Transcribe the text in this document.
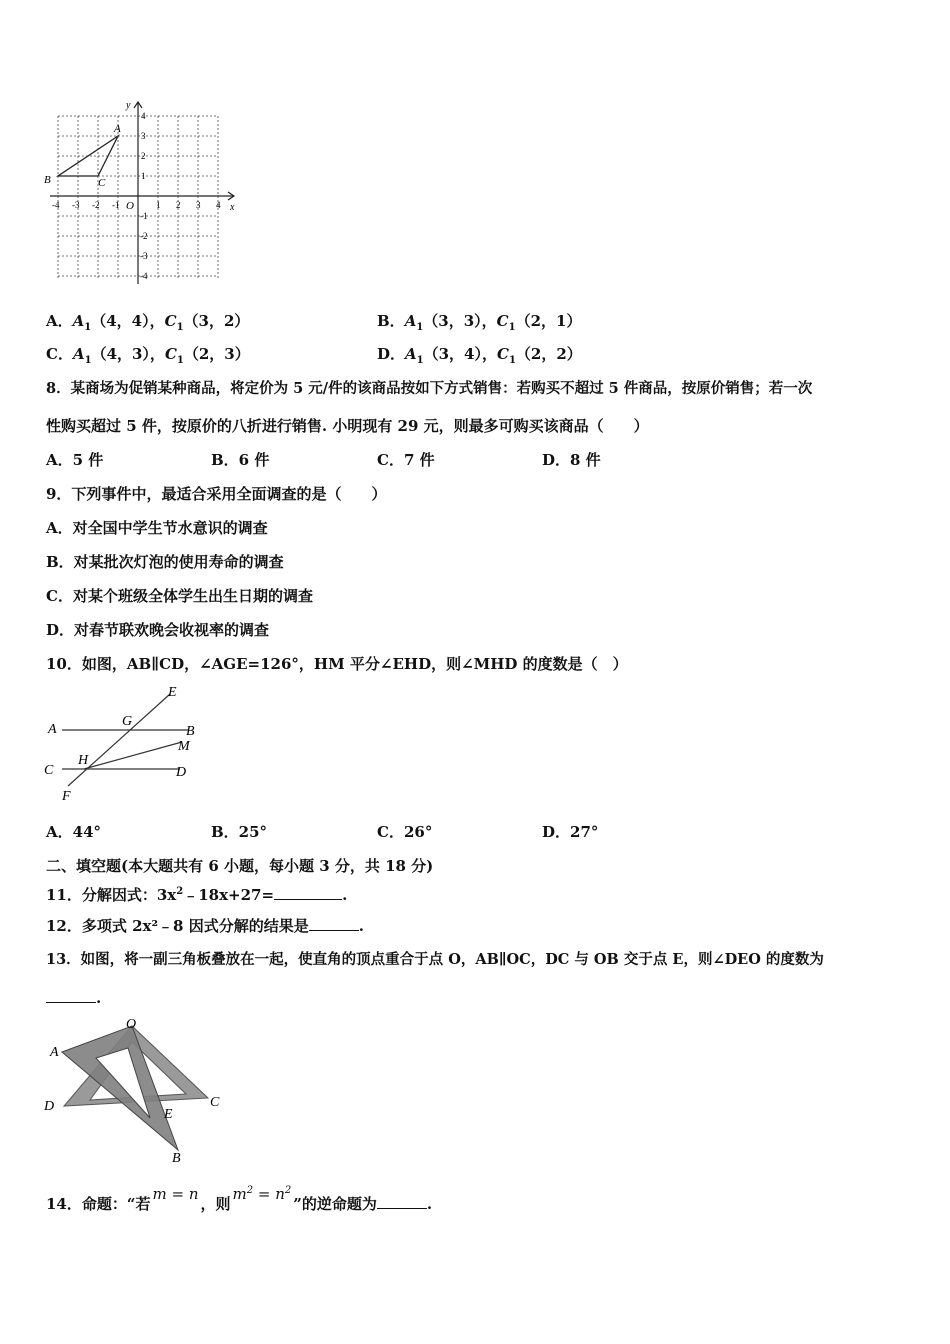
x
y
O
-4 -3 -2 -1	1 2 3 4
4
3
2
1
-1
-2
-3
-4
A
B	C
A．$A_1(4$，4），$C_1(3$，2）	B．$A_1(3$，3），$C_1(2$，1）
C．$A_1(4$，3），$C_1(2$，3）	D．$A_1(3$，4），$C_1(2$，2）
8．某商场为促销某种商品，将定价为 5 元/件的该商品按如下方式销售：若购买不超过 5 件商品，按原价销售；若一次
性购买超过 5 件，按原价的八折进行销售. 小明现有 29 元，则最多可购买该商品（　　）
A．5 件	B．6 件	C．7 件	D．8 件
9．下列事件中，最适合采用全面调查的是（　　）
A．对全国中学生节水意识的调查
B．对某批次灯泡的使用寿命的调查
C．对某个班级全体学生出生日期的调查
D．对春节联欢晚会收视率的调查
10．如图，AB∥CD，∠AGE=126°，HM 平分∠EHD，则∠MHD 的度数是（　）
A	B
C	D
E
F
G
H
M
A．44°	B．25°	C．26°	D．27°
二、填空题(本大题共有 6 小题，每小题 3 分，共 18 分)
11．分解因式：$3x^2﹣18x+27=$	.
12．多项式 2x²﹣8 因式分解的结果是	.
13．如图，将一副三角板叠放在一起，使直角的顶点重合于点 O，AB∥OC，DC 与 OB 交于点 E，则∠DEO 的度数为
.
A
O
D	C
E
B
14．命题：“若m = n，则$m^2 = n^2$”的逆命题为	.
